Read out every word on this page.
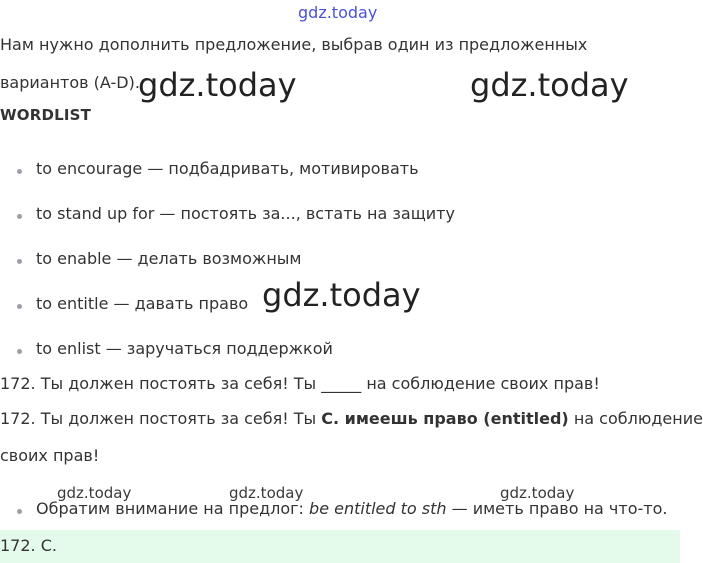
gdz.today
Нам нужно дополнить предложение, выбрав один из предложенных
вариантов (A-D).
gdz.today	gdz.today
gdz.today
WORDLIST
to encourage — подбадривать, мотивировать
to stand up for — постоять за..., встать на защиту
to enable — делать возможным
to entitle — давать право
to enlist — заручаться поддержкой
172. Ты должен постоять за себя! Ты _____ на соблюдение своих прав!
172. Ты должен постоять за себя! Ты C. имеешь право (entitled) на соблюдение
своих прав!
gdz.today	gdz.today	gdz.today
Обратим внимание на предлог: be entitled to sth — иметь право на что-то.
172. C.
